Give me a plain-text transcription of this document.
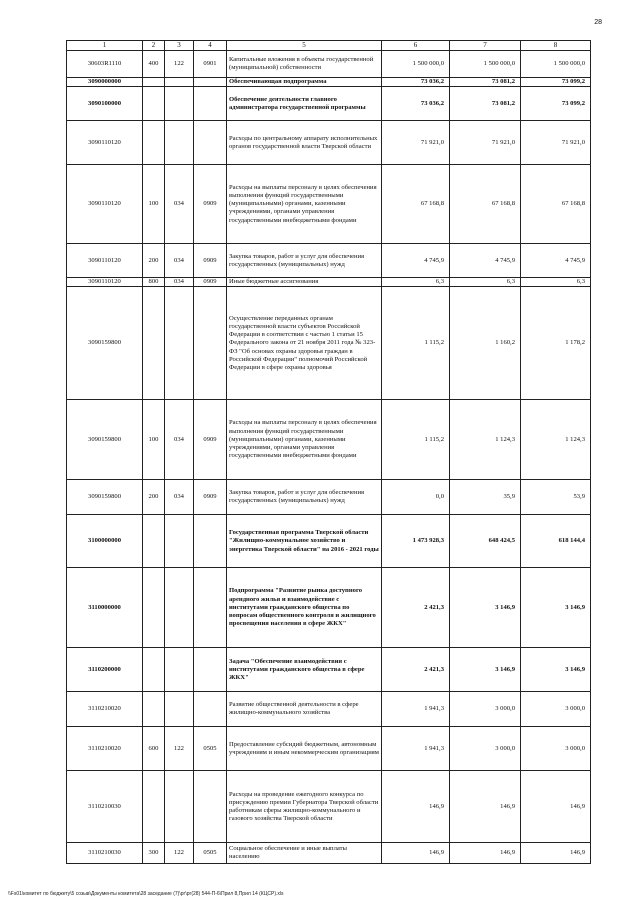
28
1	2	3	4	5	6	7	8
30603R1110	400	122	0901	Капитальные вложения в объекты государственной (муниципальной) собственности	1 500 000,0	1 500 000,0	1 500 000,0
3090000000				Обеспечивающая подпрограмма	73 036,2	73 081,2	73 099,2
3090100000				Обеспечение деятельности главного администратора государственной программы	73 036,2	73 081,2	73 099,2
3090110120				Расходы по центральному аппарату исполнительных органов государственной власти Тверской области	71 921,0	71 921,0	71 921,0
3090110120	100	034	0909	Расходы на выплаты персоналу в целях обеспечения выполнения функций государственными (муниципальными) органами, казенными учреждениями, органами управления государственными внебюджетными фондами	67 168,8	67 168,8	67 168,8
3090110120	200	034	0909	Закупка товаров, работ и услуг для обеспечения государственных (муниципальных) нужд	4 745,9	4 745,9	4 745,9
3090110120	800	034	0909	Иные бюджетные ассигнования	6,3	6,3	6,3
3090159800				Осуществление переданных органам государственной власти субъектов Российской Федерации в соответствии с частью 1 статьи 15 Федерального закона от 21 ноября 2011 года № 323-ФЗ "Об основах охраны здоровья граждан в Российской Федерации" полномочий Российской Федерации в сфере охраны здоровья	1 115,2	1 160,2	1 178,2
3090159800	100	034	0909	Расходы на выплаты персоналу в целях обеспечения выполнения функций государственными (муниципальными) органами, казенными учреждениями, органами управления государственными внебюджетными фондами	1 115,2	1 124,3	1 124,3
3090159800	200	034	0909	Закупка товаров, работ и услуг для обеспечения государственных (муниципальных) нужд	0,0	35,9	53,9
3100000000				Государственная программа Тверской области "Жилищно-коммунальное хозяйство и энергетика Тверской области" на 2016 - 2021 годы	1 473 928,3	648 424,5	618 144,4
3110000000				Подпрограмма "Развитие рынка доступного арендного жилья и взаимодействие с институтами гражданского общества по вопросам общественного контроля и жилищного просвещения населения в сфере ЖКХ"	2 421,3	3 146,9	3 146,9
3110200000				Задача "Обеспечение взаимодействия с институтами гражданского общества в сфере ЖКХ"	2 421,3	3 146,9	3 146,9
3110210020				Развитие общественной деятельности в сфере жилищно-коммунального хозяйства	1 941,3	3 000,0	3 000,0
3110210020	600	122	0505	Предоставление субсидий бюджетным, автономным учреждениям и иным некоммерческим организациям	1 941,3	3 000,0	3 000,0
3110210030				Расходы на проведение ежегодного конкурса по присуждению премии Губернатора Тверской области работникам сферы жилищно-коммунального и газового хозяйства Тверской области	146,9	146,9	146,9
3110210030	300	122	0505	Социальное обеспечение и иные выплаты населению	146,9	146,9	146,9
\\Fs01\комитет по бюджету\5 созыв\Документы комитета\28 заседание (7)\рг\рг(28) 544-П-6\Прил 8,Прил 14 (КЦСР).xls
